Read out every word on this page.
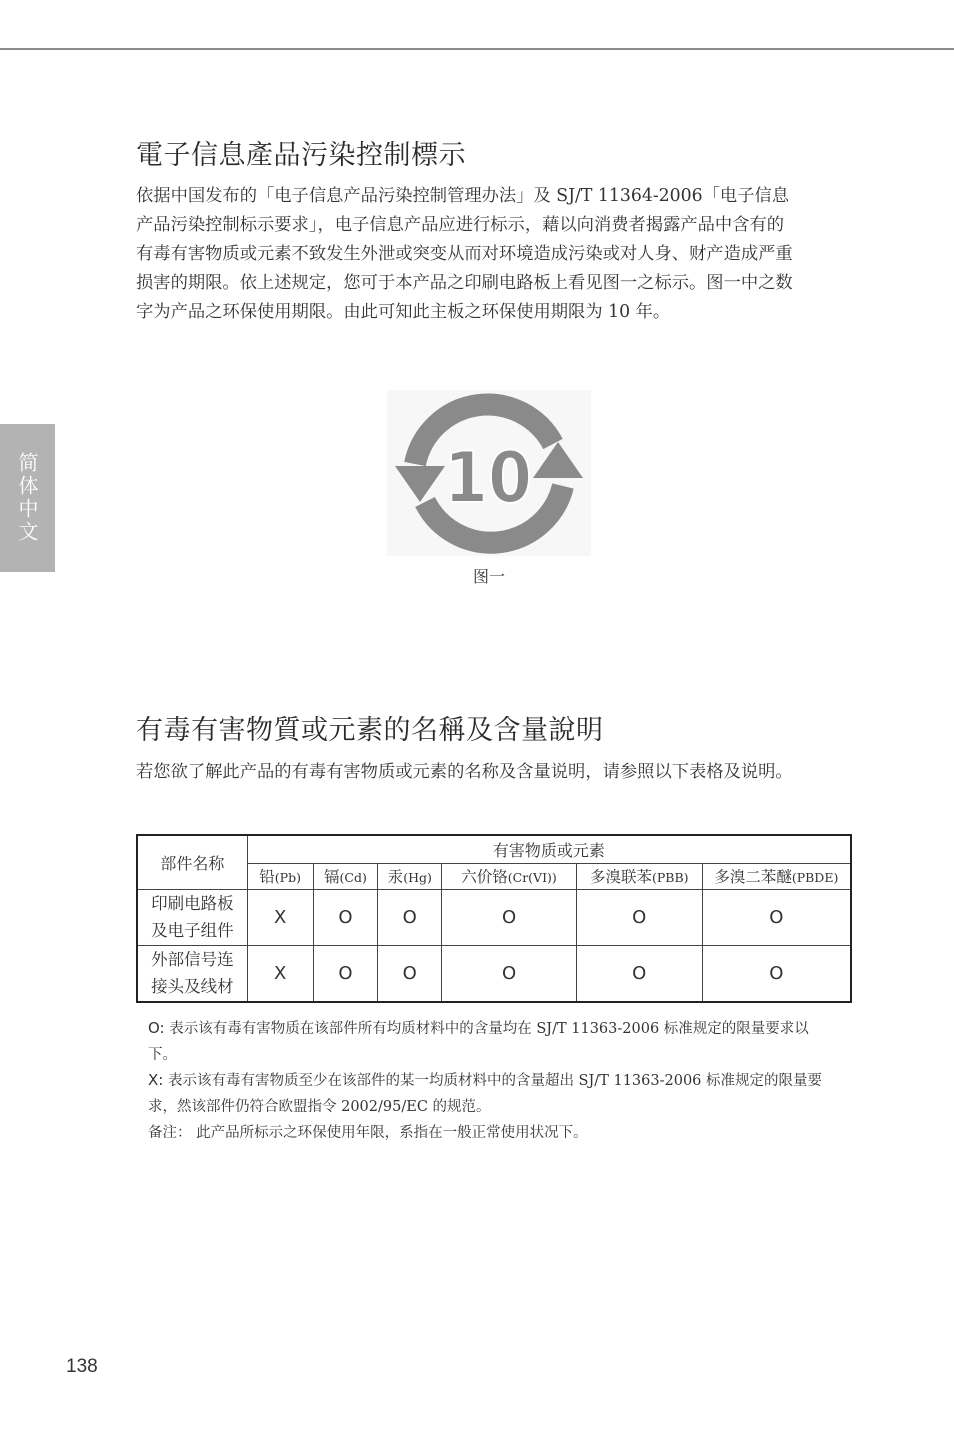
简体中文
電子信息產品污染控制標示

依据中国发布的「电子信息产品污染控制管理办法」及 SJ/T 11364-2006「电子信息产品污染控制标示要求」，电子信息产品应进行标示，藉以向消费者揭露产品中含有的有毒有害物质或元素不致发生外泄或突变从而对环境造成污染或对人身、财产造成严重损害的期限。依上述规定，您可于本产品之印刷电路板上看见图一之标示。图一中之数字为产品之环保使用期限。由此可知此主板之环保使用期限为 10 年。

10
图一
有毒有害物質或元素的名稱及含量說明

若您欲了解此产品的有毒有害物质或元素的名称及含量说明，请参照以下表格及说明。

部件名称	有害物质或元素					
	铅(Pb)	镉(Cd)	汞(Hg)	六价铬(Cr(VI))	多溴联苯(PBB)	多溴二苯醚(PBDE)
印刷电路板
及电子组件	X	O	O	O	O	O
外部信号连
接头及线材	X	O	O	O	O	O

O: 表示该有毒有害物质在该部件所有均质材料中的含量均在 SJ/T 11363-2006 标准规定的限量要求以下。

X: 表示该有毒有害物质至少在该部件的某一均质材料中的含量超出 SJ/T 11363-2006 标准规定的限量要求，然该部件仍符合欧盟指令 2002/95/EC 的规范。

备注： 此产品所标示之环保使用年限，系指在一般正常使用状况下。

138
